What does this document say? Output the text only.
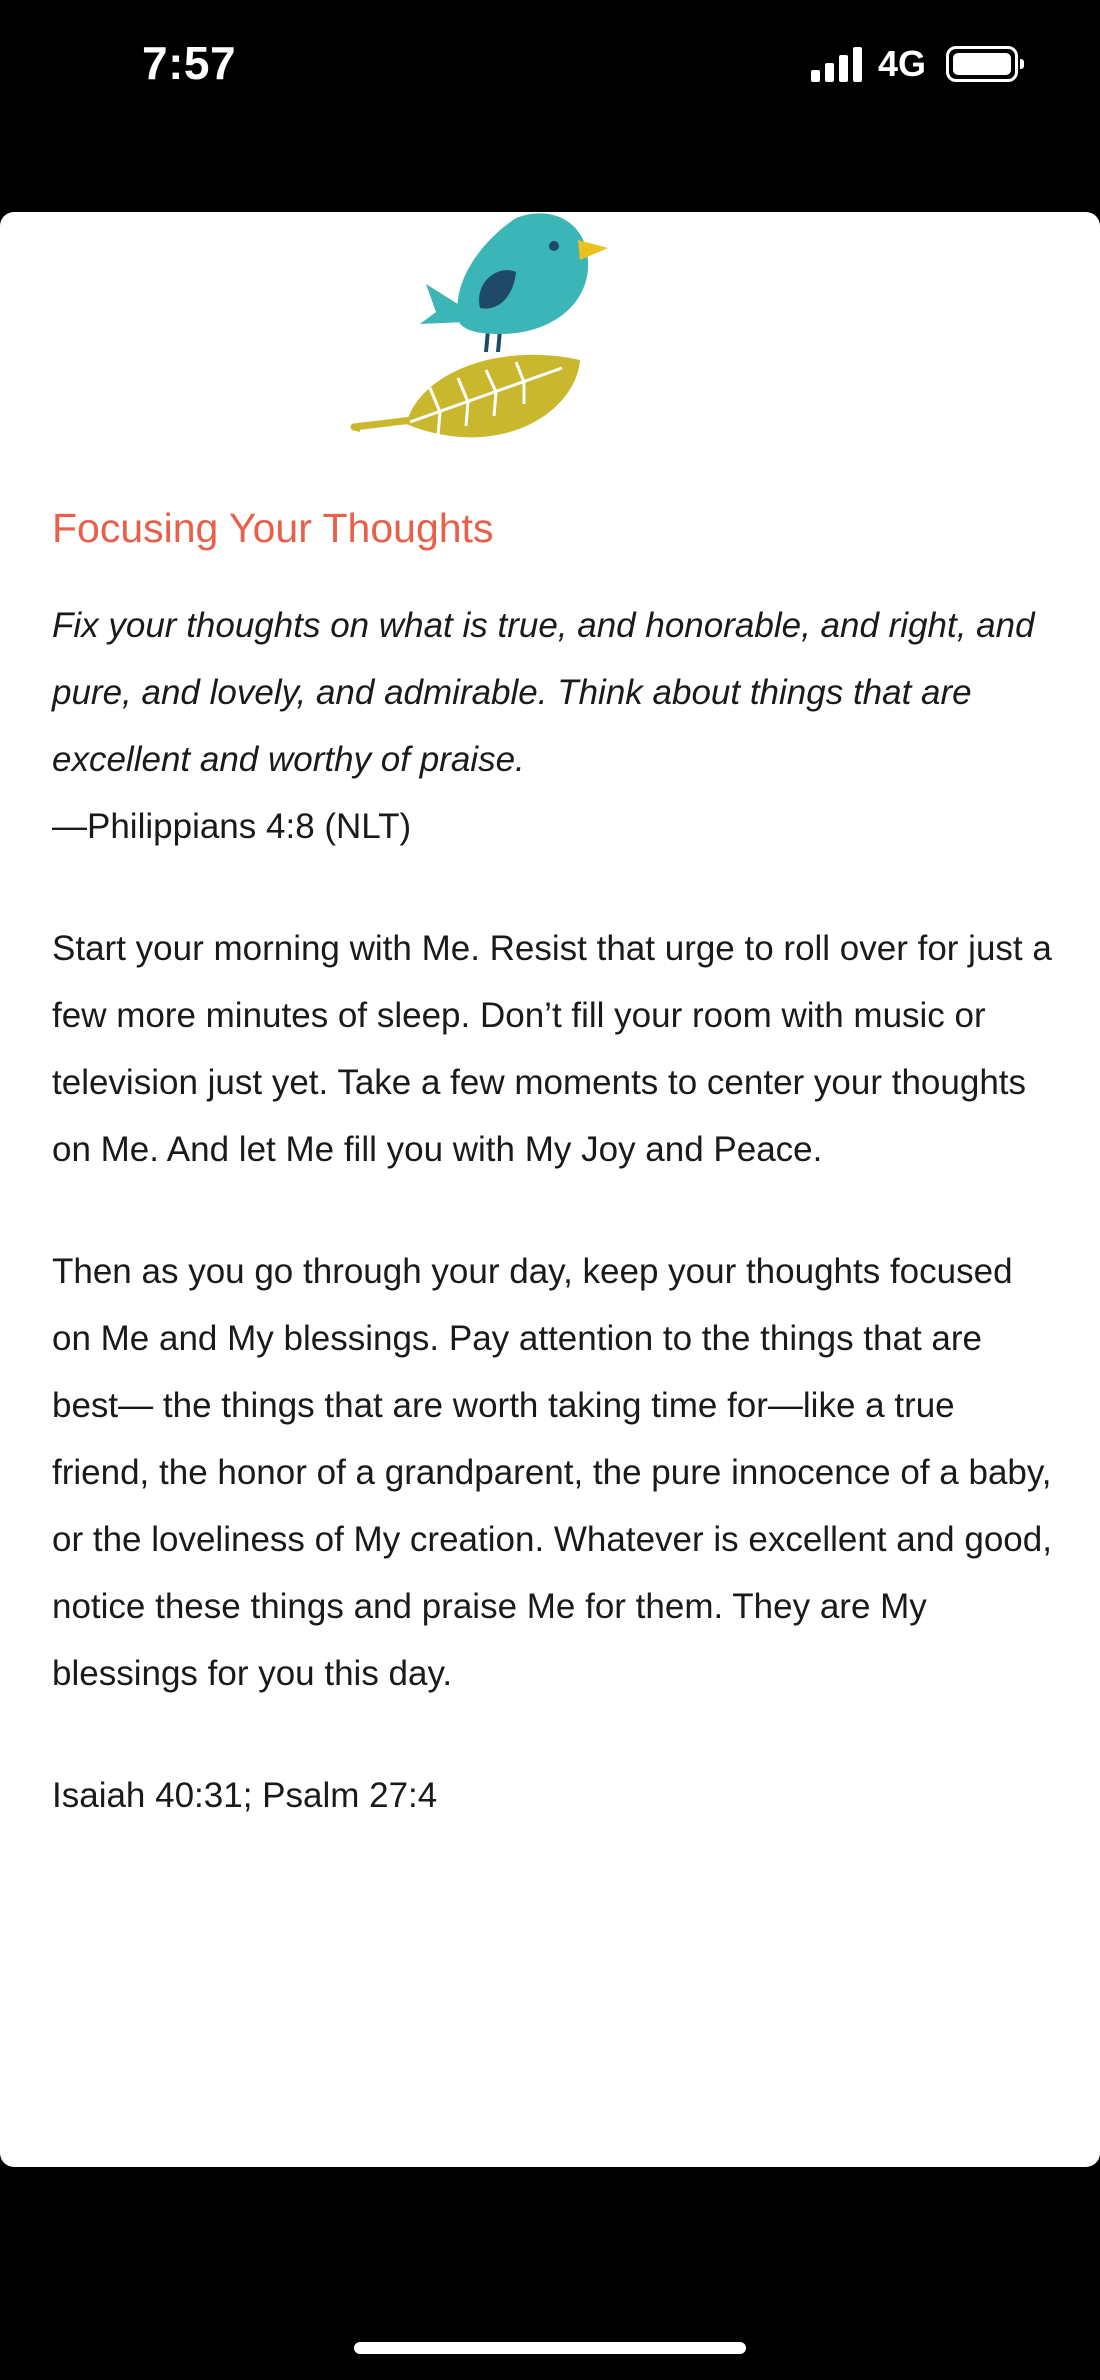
7:57	4G
Focusing Your Thoughts

Fix your thoughts on what is true, and honorable, and right, and pure, and lovely, and admirable. Think about things that are excellent and worthy of praise.

—Philippians 4:8 (NLT)

Start your morning with Me. Resist that urge to roll over for just a few more minutes of sleep. Don’t fill your room with music or television just yet. Take a few moments to center your thoughts on Me. And let Me fill you with My Joy and Peace.

Then as you go through your day, keep your thoughts focused on Me and My blessings. Pay attention to the things that are best— the things that are worth taking time for—like a true friend, the honor of a grandparent, the pure innocence of a baby, or the loveliness of My creation. Whatever is excellent and good, notice these things and praise Me for them. They are My blessings for you this day.

Isaiah 40:31; Psalm 27:4
